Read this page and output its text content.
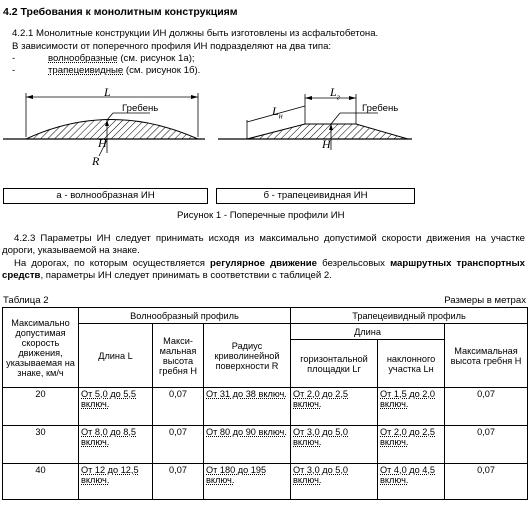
4.2 Требования к монолитным конструкциям
4.2.1 Монолитные конструкции ИН должны быть изготовлены из асфальтобетона.
В зависимости от поперечного профиля ИН подразделяют на два типа:
-	волнообразные (см. рисунок 1а);
-	трапецеивидные (см. рисунок 1б).
L
Гребень
H
R
$L_н$
$L_г$
Гребень
H
а - волнообразная ИН	б - трапецеивидная ИН
Рисунок 1 - Поперечные профили ИН
4.2.3 Параметры ИН следует принимать исходя из максимально допустимой скорости движения на участке дороги, указываемой на знаке.
На дорогах, по которым осуществляется регулярное движение безрельсовых маршрутных транспортных средств, параметры ИН следует принимать в соответствии с таблицей 2.
Таблица 2	Размеры в метрах
Максимально допустимая скорость движения, указываемая на знаке, км/ч	Волнообразный профиль			Трапецеивидный профиль		
	Длина L	Макси-мальная высота гребня H	Радиус криволинейной поверхности R	Длина		Максимальная высота гребня H
				горизонтальной площадки Lг	наклонного участка Lн	
20	От 5,0 до 5,5 включ.	0,07	От 31 до 38 включ.	От 2,0 до 2,5 включ.	От 1,5 до 2,0 включ.	0,07
30	От 8,0 до 8,5 включ.	0,07	От 80 до 90 включ.	От 3,0 до 5,0 включ.	От 2,0 до 2,5 включ.	0,07
40	От 12 до 12,5 включ.	0,07	От 180 до 195 включ.	От 3,0 до 5,0 включ.	От 4,0 до 4,5 включ.	0,07
